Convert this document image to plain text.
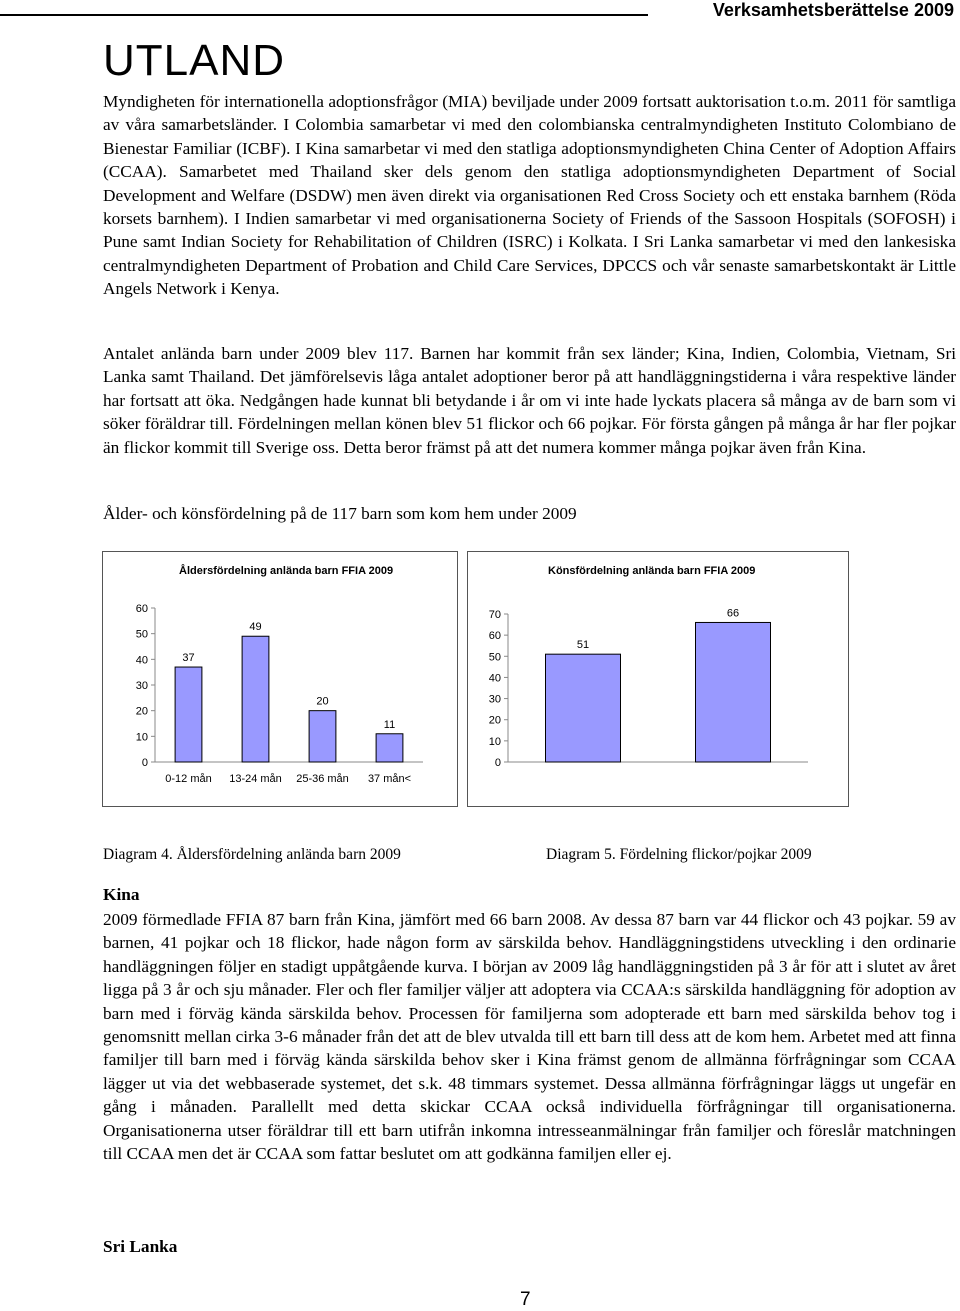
Verksamhetsberättelse 2009
UTLAND

Myndigheten för internationella adoptionsfrågor (MIA) beviljade under 2009 fortsatt auktorisation t.o.m. 2011 för samtliga av våra samarbetsländer. I Colombia samarbetar vi med den colombianska centralmyndigheten Instituto Colombiano de Bienestar Familiar (ICBF). I Kina samarbetar vi med den statliga adoptionsmyndigheten China Center of Adoption Affairs (CCAA). Samarbetet med Thailand sker dels genom den statliga adoptionsmyndigheten Department of Social Development and Welfare (DSDW) men även direkt via organisationen Red Cross Society och ett enstaka barnhem (Röda korsets barnhem). I Indien samarbetar vi med organisationerna Society of Friends of the Sassoon Hospitals (SOFOSH) i Pune samt Indian Society for Rehabilitation of Children (ISRC) i Kolkata. I Sri Lanka samarbetar vi med den lankesiska centralmyndigheten Department of Probation and Child Care Services, DPCCS och vår senaste samarbetskontakt är Little Angels Network i Kenya.

Antalet anlända barn under 2009 blev 117. Barnen har kommit från sex länder; Kina, Indien, Colombia, Vietnam, Sri Lanka samt Thailand. Det jämförelsevis låga antalet adoptioner beror på att handläggningstiderna i våra respektive länder har fortsatt att öka. Nedgången hade kunnat bli betydande i år om vi inte hade lyckats placera så många av de barn som vi söker föräldrar till. Fördelningen mellan könen blev 51 flickor och 66 pojkar. För första gången på många år har fler pojkar än flickor kommit till Sverige oss. Detta beror främst på att det numera kommer många pojkar även från Kina.

Ålder- och könsfördelning på de 117 barn som kom hem under 2009
Åldersfördelning anlända barn FFIA 2009
0
10
20
30
40
50
60
37
0-12 mån
49
13-24 mån
20
25-36 mån
11
37 mån<
Könsfördelning anlända barn FFIA 2009
0
10
20
30
40
50
60
70
51
66
Diagram 4. Åldersfördelning anlända barn 2009	Diagram 5. Fördelning flickor/pojkar 2009
Kina

2009 förmedlade FFIA 87 barn från Kina, jämfört med 66 barn 2008. Av dessa 87 barn var 44 flickor och 43 pojkar. 59 av barnen, 41 pojkar och 18 flickor, hade någon form av särskilda behov. Handläggningstidens utveckling i den ordinarie handläggningen följer en stadigt uppåtgående kurva. I början av 2009 låg handläggningstiden på 3 år för att i slutet av året ligga på 3 år och sju månader. Fler och fler familjer väljer att adoptera via CCAA:s särskilda handläggning för adoption av barn med i förväg kända särskilda behov. Processen för familjerna som adopterade ett barn med särskilda behov tog i genomsnitt mellan cirka 3-6 månader från det att de blev utvalda till ett barn till dess att de kom hem. Arbetet med att finna familjer till barn med i förväg kända särskilda behov sker i Kina främst genom de allmänna förfrågningar som CCAA lägger ut via det webbaserade systemet, det s.k. 48 timmars systemet. Dessa allmänna förfrågningar läggs ut ungefär en gång i månaden. Parallellt med detta skickar CCAA också individuella förfrågningar till organisationerna. Organisationerna utser föräldrar till ett barn utifrån inkomna intresseanmälningar från familjer och föreslår matchningen till CCAA men det är CCAA som fattar beslutet om att godkänna familjen eller ej.

Sri Lanka
7
